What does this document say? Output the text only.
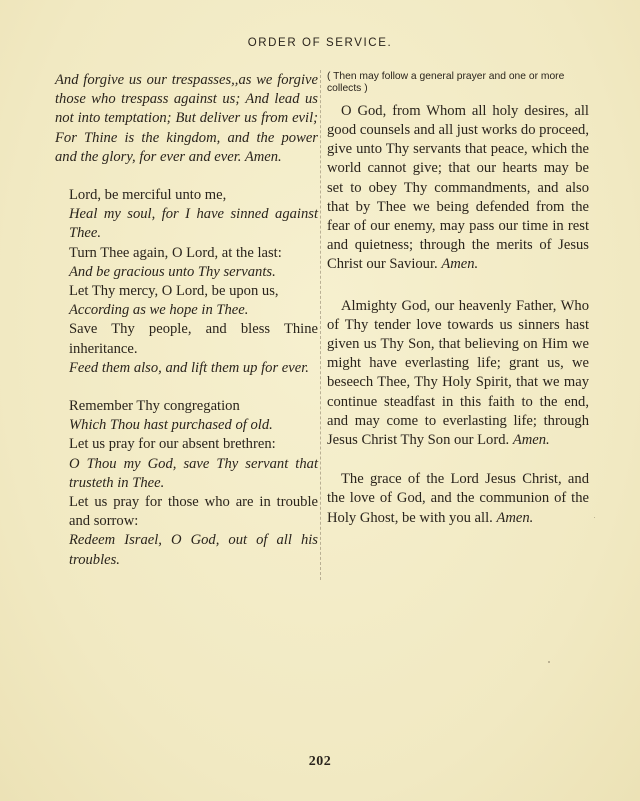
ORDER OF SERVICE.

And forgive us our trespasses,,as we forgive those who trespass against us; And lead us not into temptation; But deliver us from evil; For Thine is the kingdom, and the power and the glory, for ever and ever. Amen.

Lord, be merciful unto me,

Heal my soul, for I have sinned against Thee.

Turn Thee again, O Lord, at the last:

And be gracious unto Thy servants.

Let Thy mercy, O Lord, be upon us,

According as we hope in Thee.

Save Thy people, and bless Thine inheritance.

Feed them also, and lift them up for ever.

Remember Thy congregation

Which Thou hast purchased of old.

Let us pray for our absent brethren:

O Thou my God, save Thy servant that trusteth in Thee.

Let us pray for those who are in trouble and sorrow:

Redeem Israel, O God, out of all his troubles.

( Then may follow a general prayer and one or more collects )

O God, from Whom all holy desires, all good counsels and all just works do proceed, give unto Thy servants that peace, which the world cannot give; that our hearts may be set to obey Thy commandments, and also that by Thee we being defended from the fear of our enemy, may pass our time in rest and quietness; through the merits of Jesus Christ our Saviour. Amen.

Almighty God, our heavenly Father, Who of Thy tender love towards us sinners hast given us Thy Son, that believing on Him we might have everlasting life; grant us, we beseech Thee, Thy Holy Spirit, that we may continue steadfast in this faith to the end, and may come to everlasting life; through Jesus Christ Thy Son our Lord. Amen.

The grace of the Lord Jesus Christ, and the love of God, and the communion of the Holy Ghost, be with you all. Amen.

202
